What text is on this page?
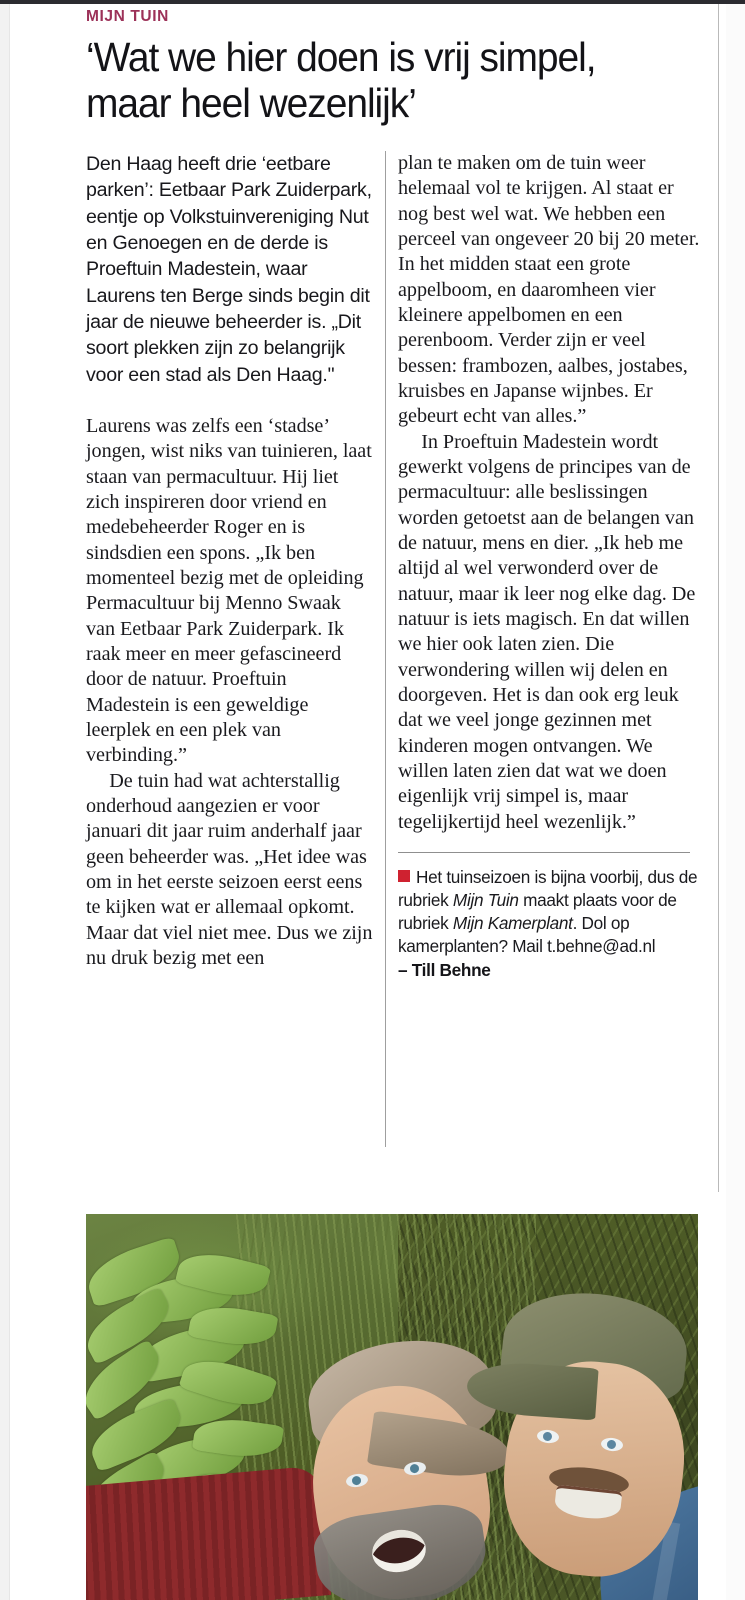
MIJN TUIN
‘Wat we hier doen is vrij simpel, maar heel wezenlijk’

Den Haag heeft drie ‘eetbare parken’: Eetbaar Park Zuiderpark, eentje op Volkstuinvereniging Nut en Genoegen en de derde is Proeftuin Madestein, waar Laurens ten Berge sinds begin dit jaar de nieuwe beheerder is. „Dit soort plekken zijn zo belangrijk voor een stad als Den Haag."

Laurens was zelfs een ‘stadse’ jongen, wist niks van tuinieren, laat staan van permacultuur. Hij liet zich inspireren door vriend en medebeheerder Roger en is sindsdien een spons. „Ik ben momenteel bezig met de opleiding Permacultuur bij Menno Swaak van Eetbaar Park Zuiderpark. Ik raak meer en meer gefascineerd door de natuur. Proeftuin Madestein is een geweldige leerplek en een plek van verbinding.”

De tuin had wat achterstallig onderhoud aangezien er voor januari dit jaar ruim anderhalf jaar geen beheerder was. „Het idee was om in het eerste seizoen eerst eens te kijken wat er allemaal opkomt. Maar dat viel niet mee. Dus we zijn nu druk bezig met een

plan te maken om de tuin weer helemaal vol te krijgen. Al staat er nog best wel wat. We hebben een perceel van ongeveer 20 bij 20 meter. In het midden staat een grote appelboom, en daaromheen vier kleinere appelbomen en een perenboom. Verder zijn er veel bessen: frambozen, aalbes, jostabes, kruisbes en Japanse wijnbes. Er gebeurt echt van alles.”

In Proeftuin Madestein wordt gewerkt volgens de principes van de permacultuur: alle beslissingen worden getoetst aan de belangen van de natuur, mens en dier. „Ik heb me altijd al wel verwonderd over de natuur, maar ik leer nog elke dag. De natuur is iets magisch. En dat willen we hier ook laten zien. Die verwondering willen wij delen en doorgeven. Het is dan ook erg leuk dat we veel jonge gezinnen met kinderen mogen ontvangen. We willen laten zien dat wat we doen eigenlijk vrij simpel is, maar tegelijkertijd heel wezenlijk.”

Het tuinseizoen is bijna voorbij, dus de rubriek Mijn Tuin maakt plaats voor de rubriek Mijn Kamerplant. Dol op kamerplanten? Mail t.behne@ad.nl
– Till Behne
